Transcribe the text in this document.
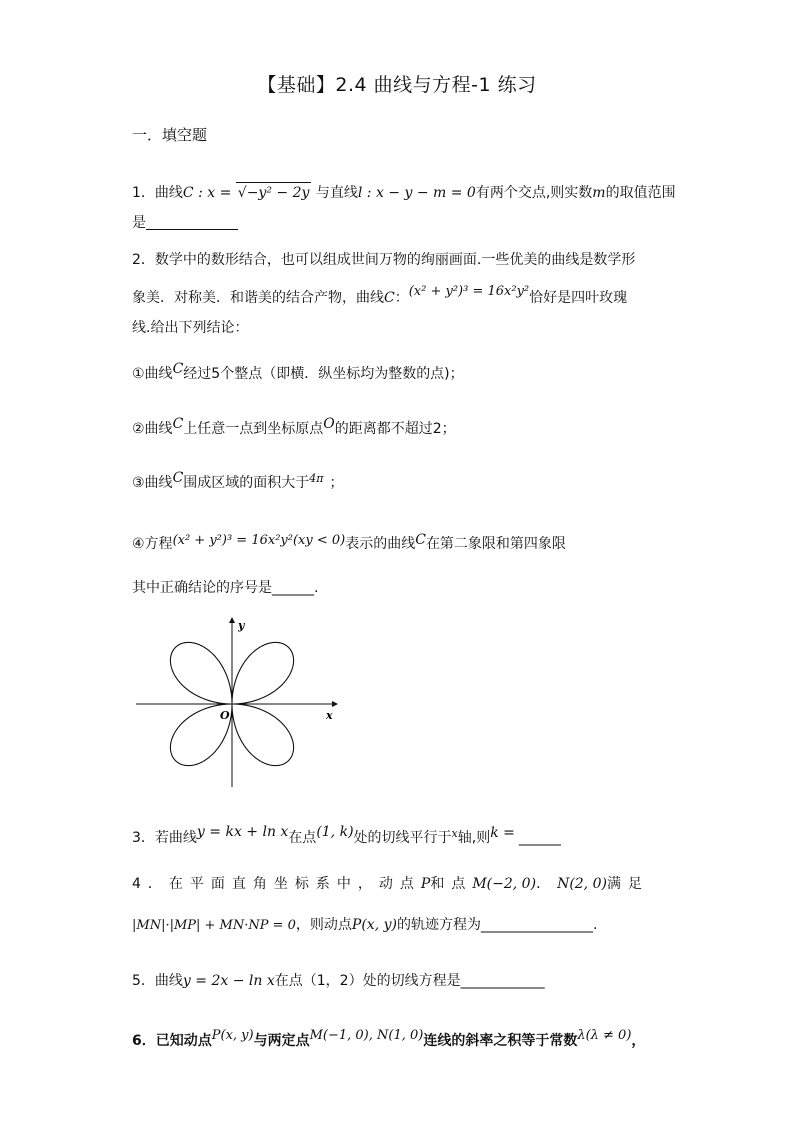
【基础】2.4 曲线与方程-1 练习
一．填空题
1．曲线C : x = √−y² − 2y 与直线l : x − y − m = 0有两个交点,则实数m的取值范围
是
2．数学中的数形结合，也可以组成世间万物的绚丽画面.一些优美的曲线是数学形
象美．对称美．和谐美的结合产物，曲线C：(x² + y²)³ = 16x²y²恰好是四叶玫瑰
线.给出下列结论：
①曲线C经过5个整点（即横．纵坐标均为整数的点)；
②曲线C上任意一点到坐标原点O的距离都不超过2；
③曲线C围成区域的面积大于$^{4\pi}$ ；
④方程(x² + y²)³ = 16x²y²(xy < 0)表示的曲线C在第二象限和第四象限
其中正确结论的序号是______.
y
x
O
3．若曲线y = kx + ln x在点(1, k)处的切线平行于$^x$轴,则k = ______
4．在平面直角坐标系中，动点P和点M(−2, 0)．N(2, 0)满足
|MN|·|MP| + MN·NP = 0，则动点P(x, y)的轨迹方程为________________.
5．曲线y = 2x − ln x在点（1，2）处的切线方程是____________
6．已知动点P(x, y)与两定点M(−1, 0), N(1, 0)连线的斜率之积等于常数λ(λ ≠ 0)，
